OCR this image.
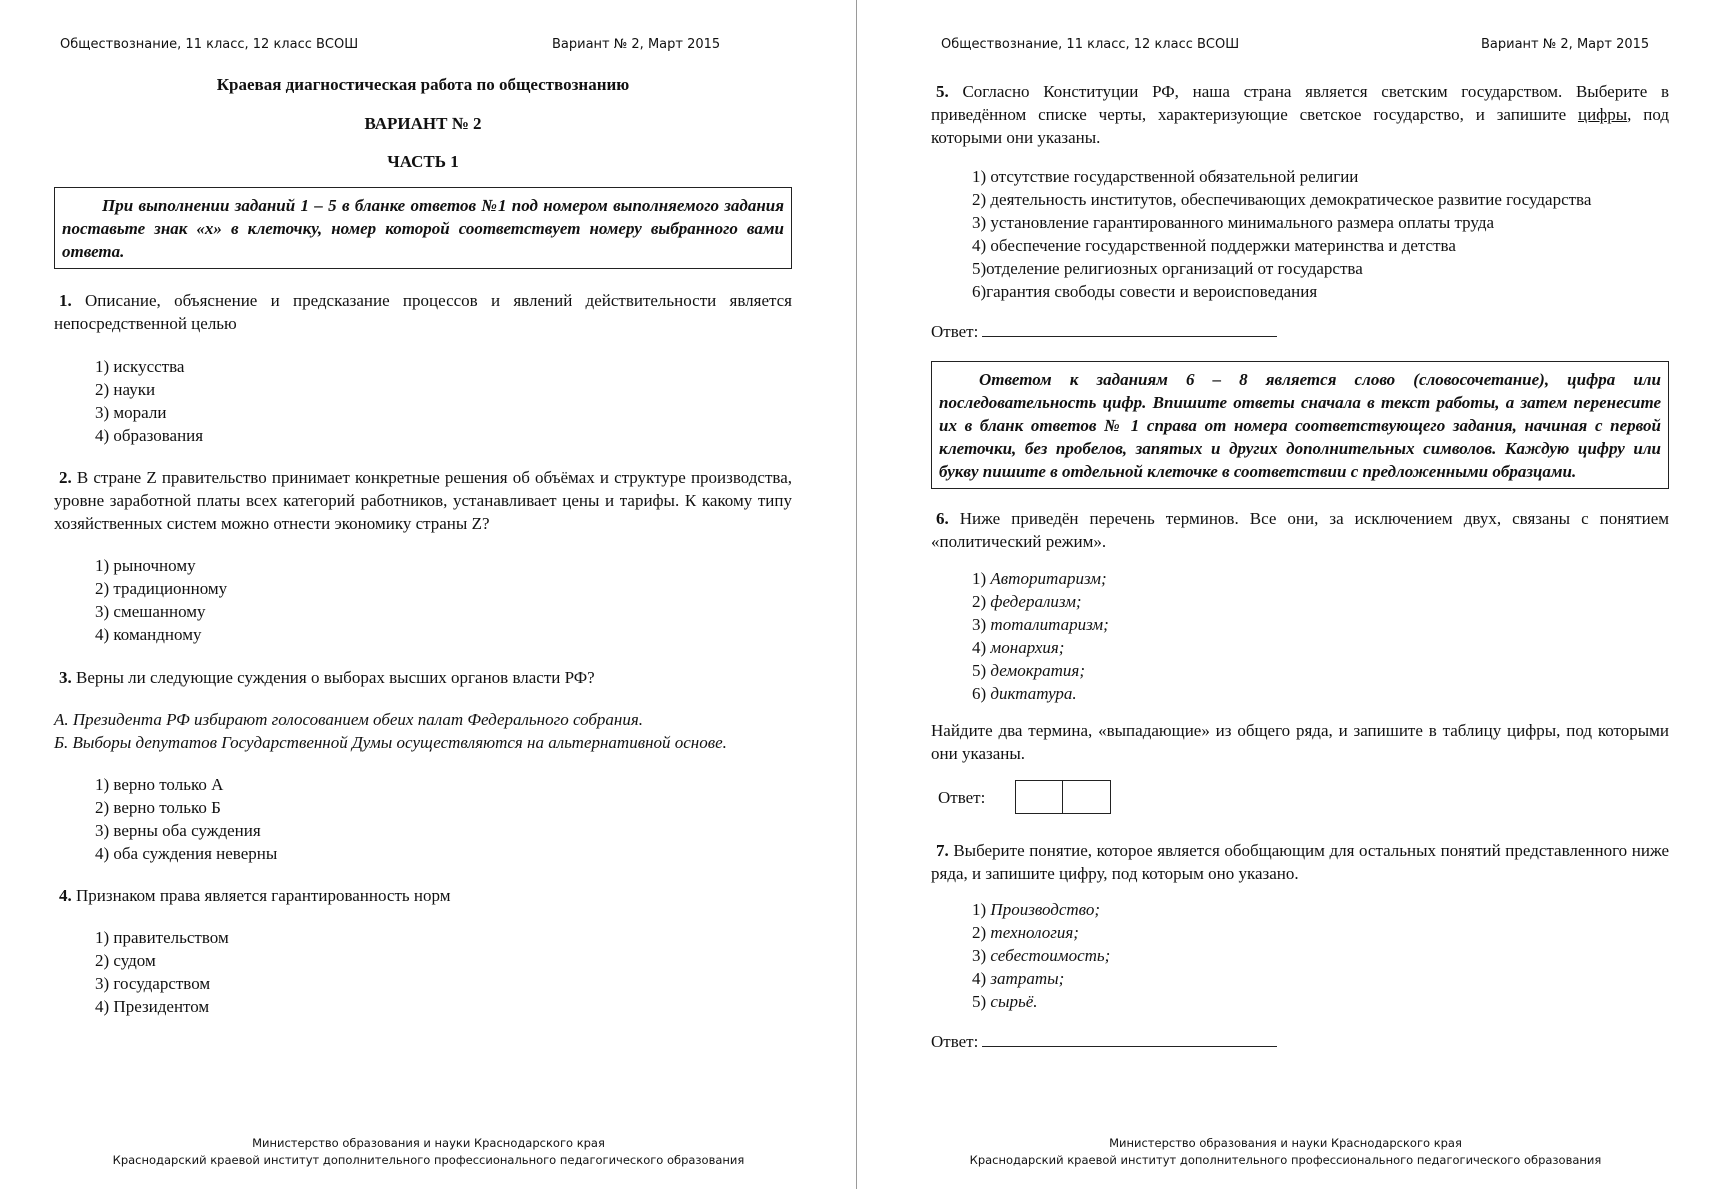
Обществознание, 11 класс, 12 класс ВСОШ	Вариант № 2, Март 2015

Краевая диагностическая работа по обществознанию

ВАРИАНТ № 2

ЧАСТЬ 1

При выполнении заданий 1 – 5 в бланке ответов №1 под номером выполняемого задания поставьте знак «х» в клеточку, номер которой соответствует номеру выбранного вами ответа.

1. Описание, объяснение и предсказание процессов и явлений действительности является непосредственной целью

1) искусства
2) науки
3) морали
4) образования

2. В стране Z правительство принимает конкретные решения об объёмах и структуре производства, уровне заработной платы всех категорий работников, устанавливает цены и тарифы. К какому типу хозяйственных систем можно отнести экономику страны Z?

1) рыночному
2) традиционному
3) смешанному
4) командному

3. Верны ли следующие суждения о выборах высших органов власти РФ?

А. Президента РФ избирают голосованием обеих палат Федерального собрания.

Б. Выборы депутатов Государственной Думы осуществляются на альтернативной основе.

1) верно только А
2) верно только Б
3) верны оба суждения
4) оба суждения неверны

4. Признаком права является гарантированность норм

1) правительством
2) судом
3) государством
4) Президентом
Министерство образования и науки Краснодарского края
Краснодарский краевой институт дополнительного профессионального педагогического образования
Обществознание, 11 класс, 12 класс ВСОШ	Вариант № 2, Март 2015

5. Согласно Конституции РФ, наша страна является светским государством. Выберите в приведённом списке черты, характеризующие светское государство, и запишите цифры, под которыми они указаны.

1) отсутствие государственной обязательной религии
2) деятельность институтов, обеспечивающих демократическое развитие государства
3) установление гарантированного минимального размера оплаты труда
4) обеспечение государственной поддержки материнства и детства
5)отделение религиозных организаций от государства
6)гарантия свободы совести и вероисповедания

Ответ:

Ответом к заданиям 6 – 8 является слово (словосочетание), цифра или последовательность цифр. Впишите ответы сначала в текст работы, а затем перенесите их в бланк ответов № 1 справа от номера соответствующего задания, начиная с первой клеточки, без пробелов, запятых и других дополнительных символов. Каждую цифру или букву пишите в отдельной клеточке в соответствии с предложенными образцами.

6. Ниже приведён перечень терминов. Все они, за исключением двух, связаны с понятием «политический режим».

1) Авторитаризм;
2) федерализм;
3) тоталитаризм;
4) монархия;
5) демократия;
6) диктатура.

Найдите два термина, «выпадающие» из общего ряда, и запишите в таблицу цифры, под которыми они указаны.

Ответ:

7. Выберите понятие, которое является обобщающим для остальных понятий представленного ниже ряда, и запишите цифру, под которым оно указано.

1) Производство;
2) технология;
3) себестоимость;
4) затраты;
5) сырьё.

Ответ:

Министерство образования и науки Краснодарского края
Краснодарский краевой институт дополнительного профессионального педагогического образования
